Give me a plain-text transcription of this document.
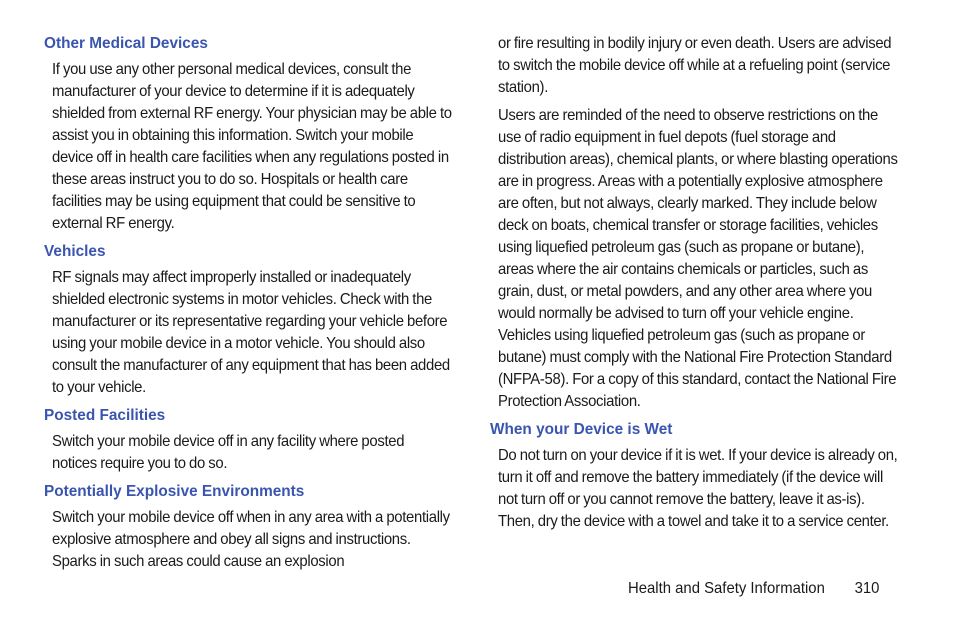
Other Medical Devices

If you use any other personal medical devices, consult the manufacturer of your device to determine if it is adequately shielded from external RF energy. Your physician may be able to assist you in obtaining this information. Switch your mobile device off in health care facilities when any regulations posted in these areas instruct you to do so. Hospitals or health care facilities may be using equipment that could be sensitive to external RF energy.

Vehicles

RF signals may affect improperly installed or inadequately shielded electronic systems in motor vehicles. Check with the manufacturer or its representative regarding your vehicle before using your mobile device in a motor vehicle. You should also consult the manufacturer of any equipment that has been added to your vehicle.

Posted Facilities

Switch your mobile device off in any facility where posted notices require you to do so.

Potentially Explosive Environments

Switch your mobile device off when in any area with a potentially explosive atmosphere and obey all signs and instructions. Sparks in such areas could cause an explosion

or fire resulting in bodily injury or even death. Users are advised to switch the mobile device off while at a refueling point (service station).

Users are reminded of the need to observe restrictions on the use of radio equipment in fuel depots (fuel storage and distribution areas), chemical plants, or where blasting operations are in progress. Areas with a potentially explosive atmosphere are often, but not always, clearly marked. They include below deck on boats, chemical transfer or storage facilities, vehicles using liquefied petroleum gas (such as propane or butane), areas where the air contains chemicals or particles, such as grain, dust, or metal powders, and any other area where you would normally be advised to turn off your vehicle engine. Vehicles using liquefied petroleum gas (such as propane or butane) must comply with the National Fire Protection Standard (NFPA-58). For a copy of this standard, contact the National Fire Protection Association.

When your Device is Wet

Do not turn on your device if it is wet. If your device is already on, turn it off and remove the battery immediately (if the device will not turn off or you cannot remove the battery, leave it as-is). Then, dry the device with a towel and take it to a service center.

Health and Safety Information 310
